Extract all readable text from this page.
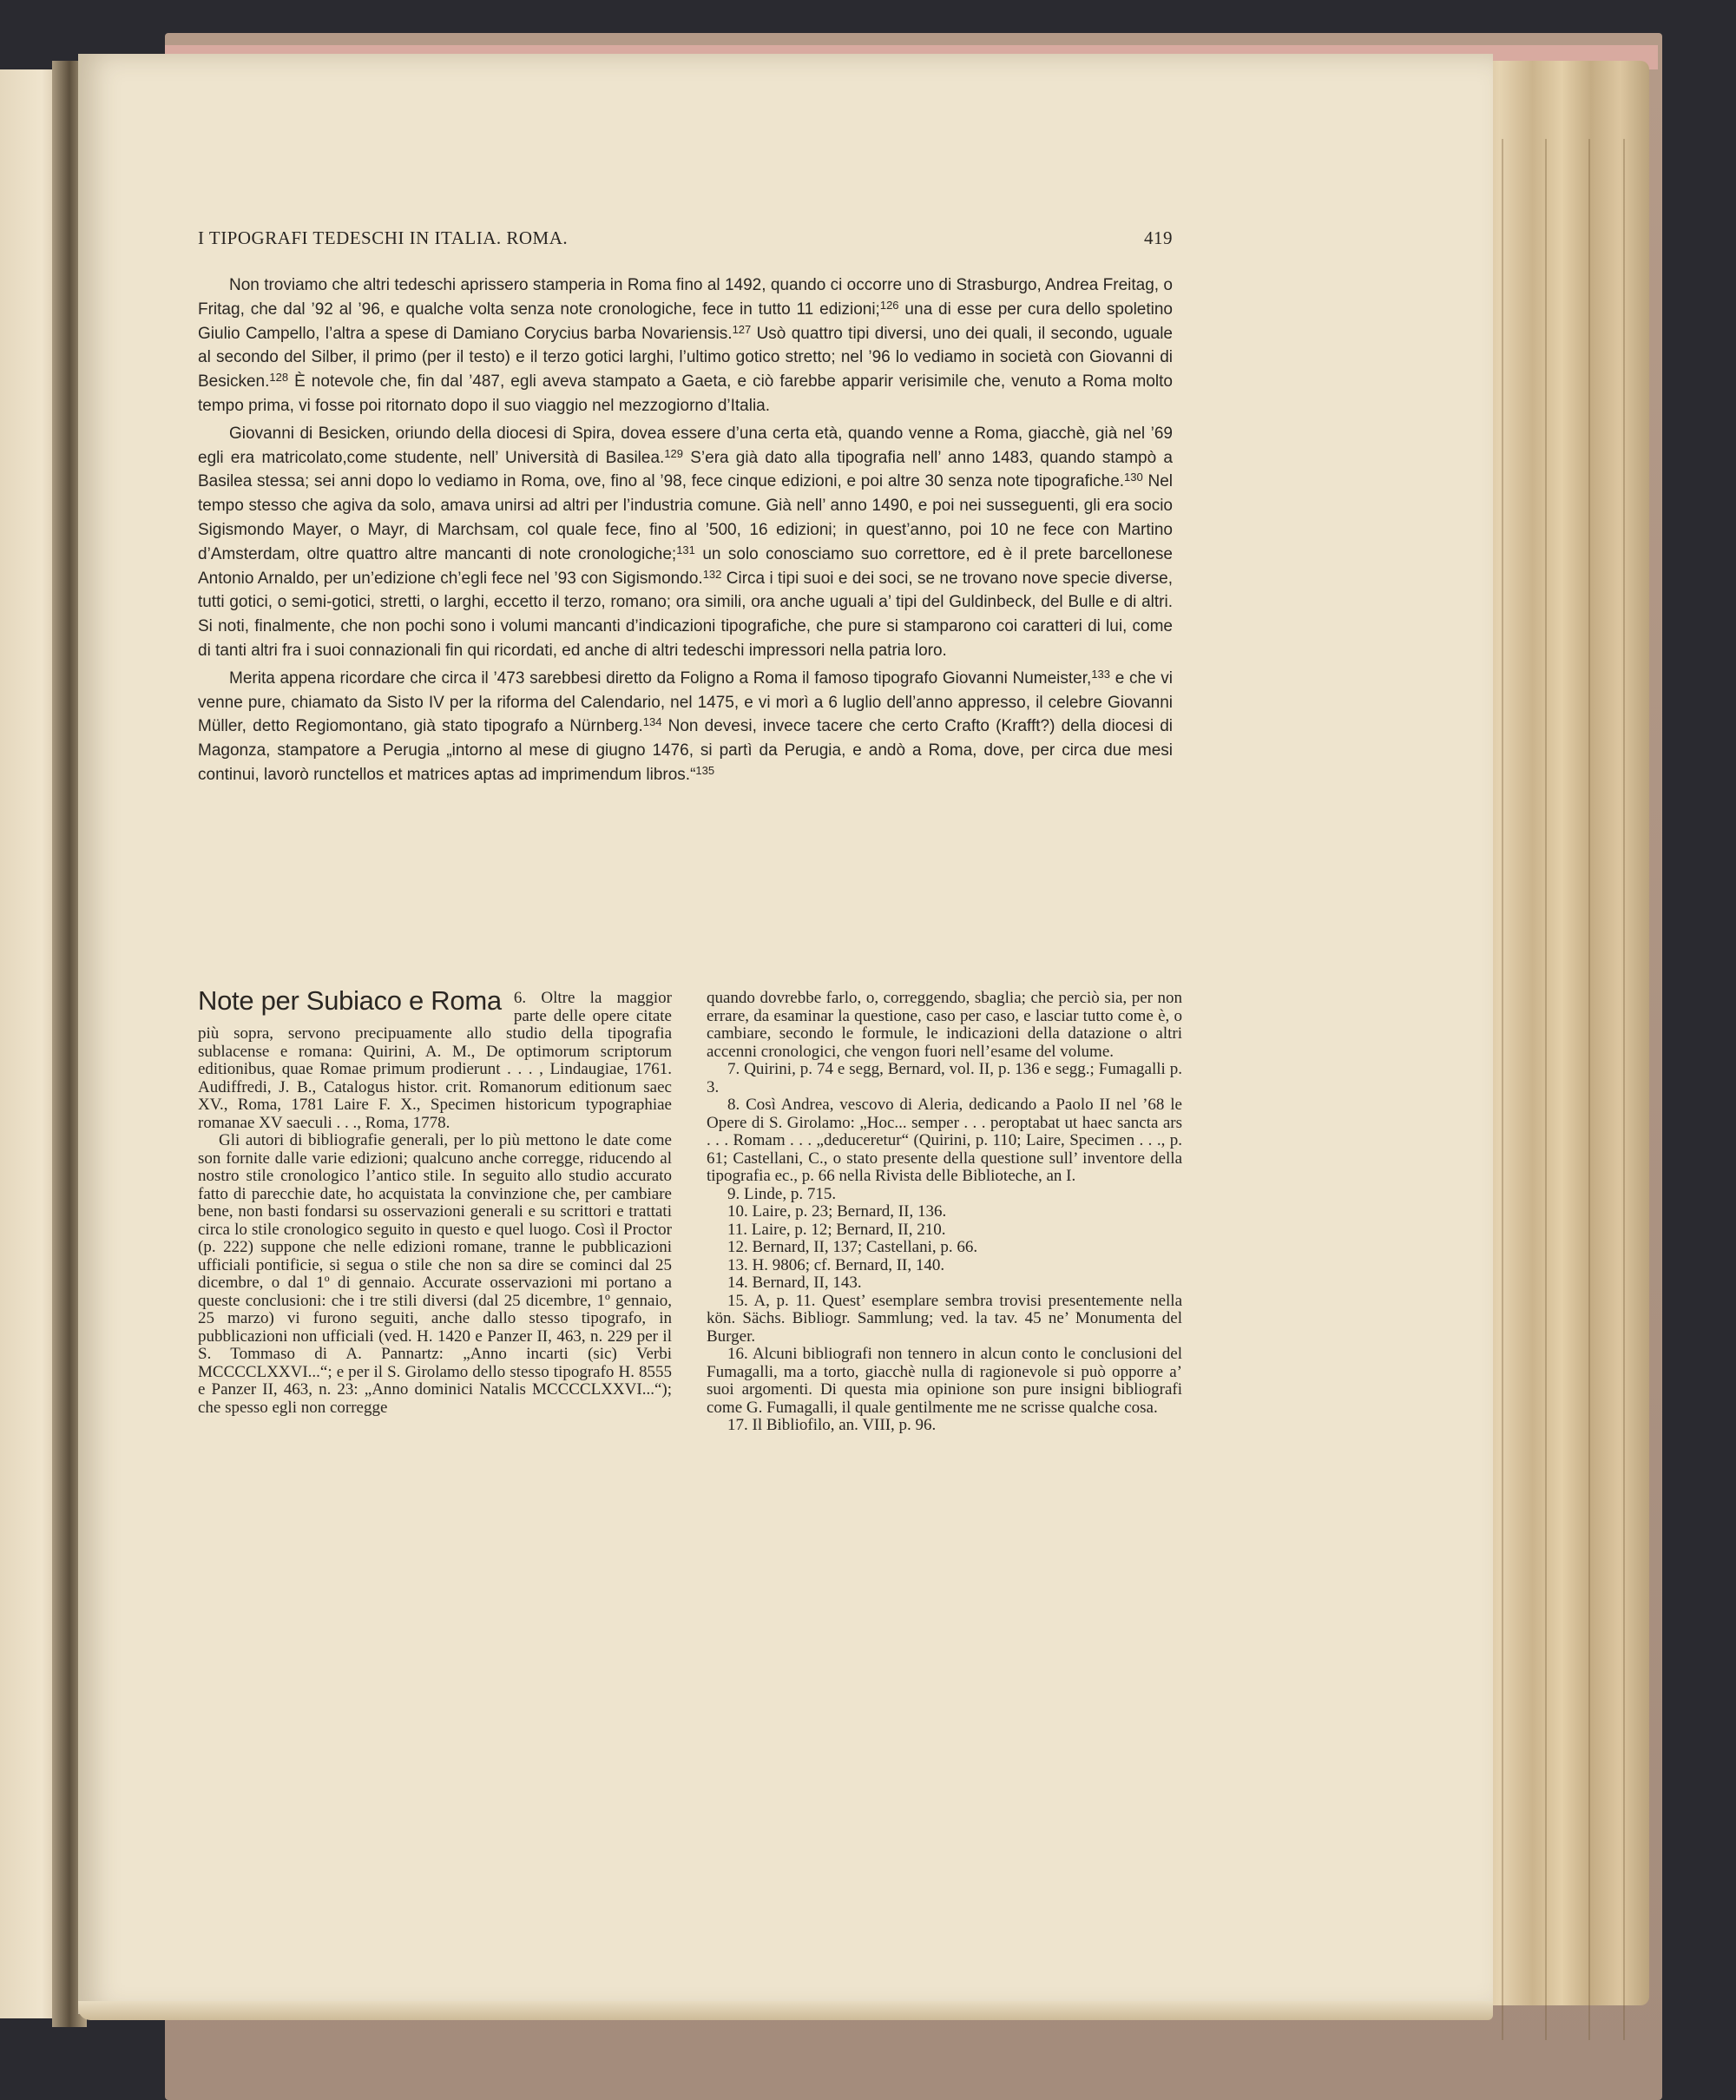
I TIPOGRAFI TEDESCHI IN ITALIA. ROMA.	419

Non troviamo che altri tedeschi aprissero stamperia in Roma fino al 1492, quando ci occorre uno di Strasburgo, Andrea Freitag, o Fritag, che dal ’92 al ’96, e qualche volta senza note cronologiche, fece in tutto 11 edizioni;$^{126}$ una di esse per cura dello spoletino Giulio Campello, l’altra a spese di Damiano Corycius barba Novariensis.$^{127}$ Usò quattro tipi diversi, uno dei quali, il secondo, uguale al secondo del Silber, il primo (per il testo) e il terzo gotici larghi, l’ultimo gotico stretto; nel ’96 lo vediamo in società con Giovanni di Besicken.$^{128}$ È notevole che, fin dal ’487, egli aveva stampato a Gaeta, e ciò farebbe apparir verisimile che, venuto a Roma molto tempo prima, vi fosse poi ritornato dopo il suo viaggio nel mezzogiorno d’Italia.

Giovanni di Besicken, oriundo della diocesi di Spira, dovea essere d’una certa età, quando venne a Roma, giacchè, già nel ’69 egli era matricolato,come studente, nell’ Università di Basilea.$^{129}$ S’era già dato alla tipografia nell’ anno 1483, quando stampò a Basilea stessa; sei anni dopo lo vediamo in Roma, ove, fino al ’98, fece cinque edizioni, e poi altre 30 senza note tipografiche.$^{130}$ Nel tempo stesso che agiva da solo, amava unirsi ad altri per l’industria comune. Già nell’ anno 1490, e poi nei susseguenti, gli era socio Sigismondo Mayer, o Mayr, di Marchsam, col quale fece, fino al ’500, 16 edizioni; in quest’anno, poi 10 ne fece con Martino d’Amsterdam, oltre quattro altre mancanti di note cronologiche;$^{131}$ un solo conosciamo suo correttore, ed è il prete barcellonese Antonio Arnaldo, per un’edizione ch’egli fece nel ’93 con Sigismondo.$^{132}$ Circa i tipi suoi e dei soci, se ne trovano nove specie diverse, tutti gotici, o semi-gotici, stretti, o larghi, eccetto il terzo, romano; ora simili, ora anche uguali a’ tipi del Guldinbeck, del Bulle e di altri. Si noti, finalmente, che non pochi sono i volumi mancanti d’indicazioni tipografiche, che pure si stamparono coi caratteri di lui, come di tanti altri fra i suoi connazionali fin qui ricordati, ed anche di altri tedeschi impressori nella patria loro.

Merita appena ricordare che circa il ’473 sarebbesi diretto da Foligno a Roma il famoso tipografo Giovanni Numeister,$^{133}$ e che vi venne pure, chiamato da Sisto IV per la riforma del Calendario, nel 1475, e vi morì a 6 luglio dell’anno appresso, il celebre Giovanni Müller, detto Regiomontano, già stato tipografo a Nürnberg.$^{134}$ Non devesi, invece tacere che certo Crafto (Krafft?) della diocesi di Magonza, stampatore a Perugia „intorno al mese di giugno 1476, si partì da Perugia, e andò a Roma, dove, per circa due mesi continui, lavorò runctellos et matrices aptas ad imprimendum libros.“$^{135}$

Note per Subiaco e Roma 6. Oltre la maggior parte delle opere citate più sopra, servono precipuamente allo studio della tipografia sublacense e romana: Quirini, A. M., De optimorum scriptorum editionibus, quae Romae primum prodierunt . . . , Lindaugiae, 1761. Audiffredi, J. B., Catalogus histor. crit. Romanorum editionum saec XV., Roma, 1781 Laire F. X., Specimen historicum typographiae romanae XV saeculi . . ., Roma, 1778.

Gli autori di bibliografie generali, per lo più mettono le date come son fornite dalle varie edizioni; qualcuno anche corregge, riducendo al nostro stile cronologico l’antico stile. In seguito allo studio accurato fatto di parecchie date, ho acquistata la convinzione che, per cambiare bene, non basti fondarsi su osservazioni generali e su scrittori e trattati circa lo stile cronologico seguito in questo e quel luogo. Così il Proctor (p. 222) suppone che nelle edizioni romane, tranne le pubblicazioni ufficiali pontificie, si segua o stile che non sa dire se cominci dal 25 dicembre, o dal 1º di gennaio. Accurate osservazioni mi portano a queste conclusioni: che i tre stili diversi (dal 25 dicembre, 1º gennaio, 25 marzo) vi furono seguiti, anche dallo stesso tipografo, in pubblicazioni non ufficiali (ved. H. 1420 e Panzer II, 463, n. 229 per il S. Tommaso di A. Pannartz: „Anno incarti (sic) Verbi MCCCCLXXVI...“; e per il S. Girolamo dello stesso tipografo H. 8555 e Panzer II, 463, n. 23: „Anno dominici Natalis MCCCCLXXVI...“); che spesso egli non corregge

quando dovrebbe farlo, o, correggendo, sbaglia; che perciò sia, per non errare, da esaminar la questione, caso per caso, e lasciar tutto come è, o cambiare, secondo le formule, le indicazioni della datazione o altri accenni cronologici, che vengon fuori nell’esame del volume.

7. Quirini, p. 74 e segg, Bernard, vol. II, p. 136 e segg.; Fumagalli p. 3.

8. Così Andrea, vescovo di Aleria, dedicando a Paolo II nel ’68 le Opere di S. Girolamo: „Hoc... semper . . . peroptabat ut haec sancta ars . . . Romam . . . „deduceretur“ (Quirini, p. 110; Laire, Specimen . . ., p. 61; Castellani, C., o stato presente della questione sull’ inventore della tipografia ec., p. 66 nella Rivista delle Biblioteche, an I.

9. Linde, p. 715.

10. Laire, p. 23; Bernard, II, 136.

11. Laire, p. 12; Bernard, II, 210.

12. Bernard, II, 137; Castellani, p. 66.

13. H. 9806; cf. Bernard, II, 140.

14. Bernard, II, 143.

15. A, p. 11. Quest’ esemplare sembra trovisi presentemente nella kön. Sächs. Bibliogr. Sammlung; ved. la tav. 45 ne’ Monumenta del Burger.

16. Alcuni bibliografi non tennero in alcun conto le conclusioni del Fumagalli, ma a torto, giacchè nulla di ragionevole si può opporre a’ suoi argomenti. Di questa mia opinione son pure insigni bibliografi come G. Fumagalli, il quale gentilmente me ne scrisse qualche cosa.

17. Il Bibliofilo, an. VIII, p. 96.
